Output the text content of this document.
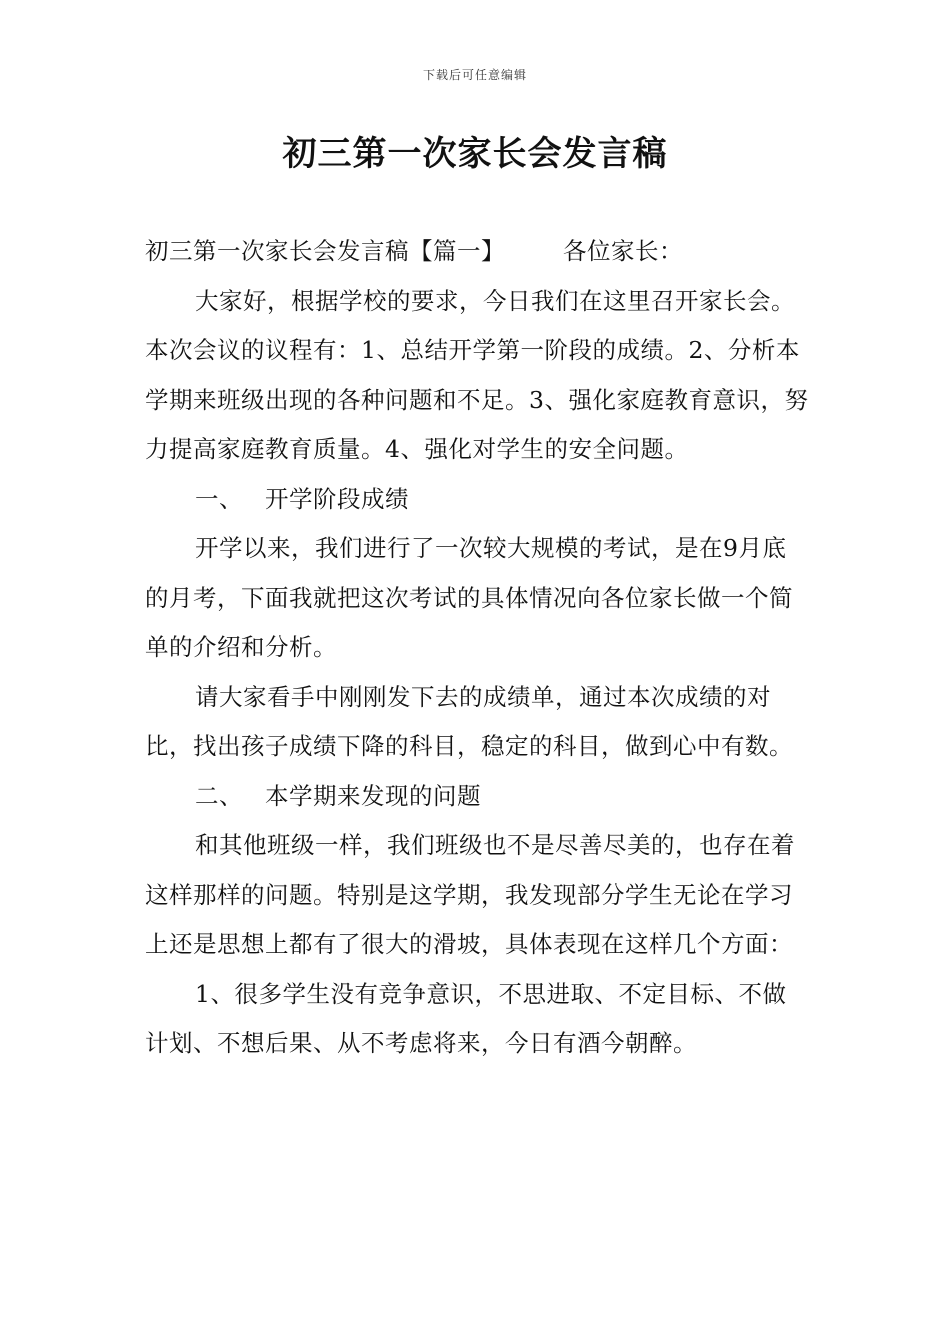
下载后可任意编辑
初三第一次家长会发言稿

初三第一次家长会发言稿【篇一】 各位家长：

大家好，根据学校的要求，今日我们在这里召开家长会。本次会议的议程有：1、总结开学第一阶段的成绩。2、分析本学期来班级出现的各种问题和不足。3、强化家庭教育意识，努力提高家庭教育质量。4、强化对学生的安全问题。

一、 开学阶段成绩

开学以来，我们进行了一次较大规模的考试，是在9月底的月考，下面我就把这次考试的具体情况向各位家长做一个简单的介绍和分析。

请大家看手中刚刚发下去的成绩单，通过本次成绩的对比，找出孩子成绩下降的科目，稳定的科目，做到心中有数。

二、 本学期来发现的问题

和其他班级一样，我们班级也不是尽善尽美的，也存在着这样那样的问题。特别是这学期，我发现部分学生无论在学习上还是思想上都有了很大的滑坡，具体表现在这样几个方面：

1、很多学生没有竞争意识，不思进取、不定目标、不做计划、不想后果、从不考虑将来，今日有酒今朝醉。
